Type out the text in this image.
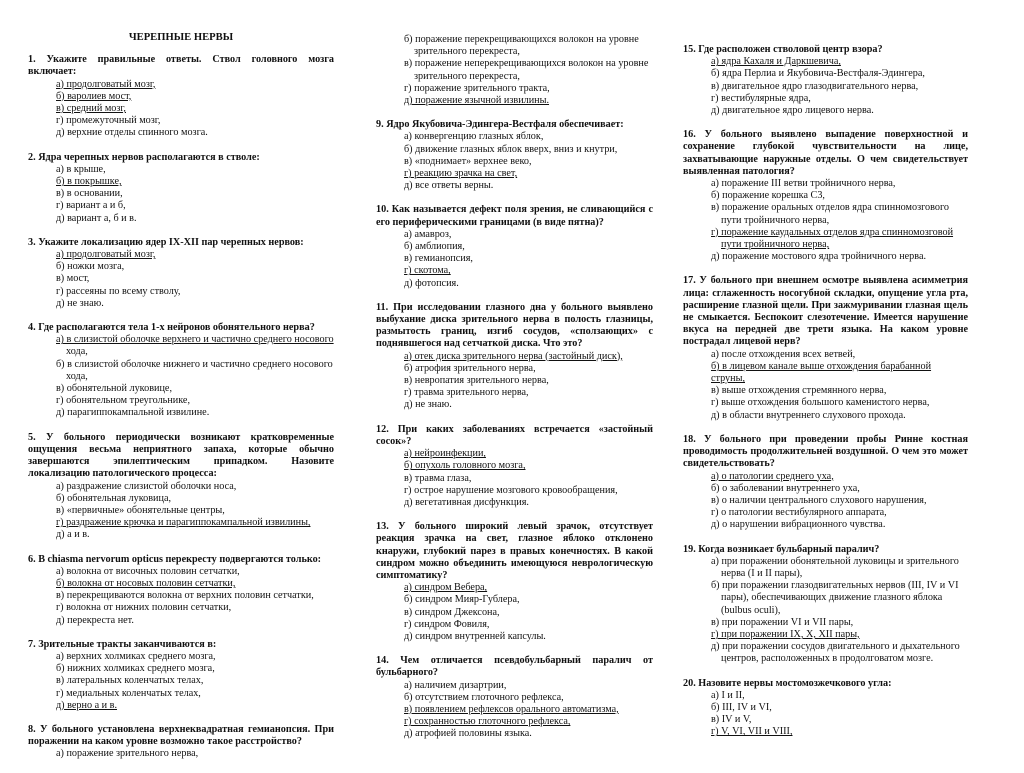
ЧЕРЕПНЫЕ НЕРВЫ
1. Укажите правильные ответы. Ствол головного мозга включает:
а) продолговатый мозг,
б) варолиев мост,
в) средний мозг,
г) промежуточный мозг,
д) верхние отделы спинного мозга.
2. Ядра черепных нервов располагаются в стволе:
а) в крыше,
б) в покрышке,
в) в основании,
г) вариант а и б,
д) вариант а, б и в.
3. Укажите локализацию ядер IX-XII пар черепных нервов:
а) продолговатый мозг,
б) ножки мозга,
в) мост,
г) рассеяны по всему стволу,
д) не знаю.
4. Где располагаются тела 1-х нейронов обонятельного нерва?
а) в слизистой оболочке верхнего и частично среднего носового
хода,
б) в слизистой оболочке нижнего и частично среднего носового
хода,
в) обонятельной луковице,
г) обонятельном треугольнике,
д) парагиппокампальной извилине.
5. У больного периодически возникают кратковременные ощущения весьма неприятного запаха, которые обычно завершаются эпилептическим припадком. Назовите локализацию патологического процесса:
а) раздражение слизистой оболочки носа,
б) обонятельная луковица,
в) «первичные» обонятельные центры,
г) раздражение крючка и парагиппокампальной извилины,
д) а и в.
6. В chiasma nervorum opticus перекресту подвергаются только:
а) волокна от височных половин сетчатки,
б) волокна от носовых половин сетчатки,
в) перекрещиваются волокна от верхних половин сетчатки,
г) волокна от нижних половин сетчатки,
д) перекреста нет.
7. Зрительные тракты заканчиваются в:
а) верхних холмиках среднего мозга,
б) нижних холмиках среднего мозга,
в) латеральных коленчатых телах,
г) медиальных коленчатых телах,
д) верно а и в.
8. У больного установлена верхнеквадратная гемианопсия. При поражении на каком уровне возможно такое расстройство?
а) поражение зрительного нерва,
б) поражение перекрещивающихся волокон на уровне
зрительного перекреста,
в) поражение неперекрещивающихся волокон на уровне
зрительного перекреста,
г) поражение зрительного тракта,
д) поражение язычной извилины.
9. Ядро Якубовича-Эдингера-Вестфаля обеспечивает:
а) конвергенцию глазных яблок,
б) движение глазных яблок вверх, вниз и кнутри,
в) «поднимает» верхнее веко,
г) реакцию зрачка на свет,
д) все ответы верны.
10. Как называется дефект поля зрения, не сливающийся с его периферическими границами (в виде пятна)?
а) амавроз,
б) амблиопия,
в) гемианопсия,
г) скотома,
д) фотопсия.
11. При исследовании глазного дна у больного выявлено выбухание диска зрительного нерва в полость глазницы, размытость границ, изгиб сосудов, «сползающих» с поднявшегося над сетчаткой диска. Что это?
а) отек диска зрительного нерва (застойный диск),
б) атрофия зрительного нерва,
в) невропатия зрительного нерва,
г) травма зрительного нерва,
д) не знаю.
12. При каких заболеваниях встречается «застойный сосок»?
а) нейроинфекции,
б) опухоль головного мозга,
в) травма глаза,
г) острое нарушение мозгового кровообращения,
д) вегетативная дисфункция.
13. У больного широкий левый зрачок, отсутствует реакция зрачка на свет, глазное яблоко отклонено кнаружи, глубокий парез в правых конечностях. В какой синдром можно объединить имеющуюся неврологическую симптоматику?
а) синдром Вебера,
б) синдром Мияр-Гублера,
в) синдром Джексона,
г) синдром Фовиля,
д) синдром внутренней капсулы.
14. Чем отличается псевдобульбарный паралич от бульбарного?
а) наличием дизартрии,
б) отсутствием глоточного рефлекса,
в) появлением рефлексов орального автоматизма,
г) сохранностью глоточного рефлекса,
д) атрофией половины языка.
15. Где расположен стволовой центр взора?
а) ядра Кахаля и Даркшевича,
б) ядра Перлиа и Якубовича-Вестфаля-Эдингера,
в) двигательное ядро глазодвигательного нерва,
г) вестибулярные ядра,
д) двигательное ядро лицевого нерва.
16. У больного выявлено выпадение поверхностной и сохранение глубокой чувствительности на лице, захватывающие наружные отделы. О чем свидетельствует выявленная патология?
а) поражение III ветви тройничного нерва,
б) поражение корешка С3,
в) поражение оральных отделов ядра спинномозгового
пути тройничного нерва,
г) поражение каудальных отделов ядра спинномозговой
пути тройничного нерва,
д) поражение мостового ядра тройничного нерва.
17. У больного при внешнем осмотре выявлена асимметрия лица: сглаженность носогубной складки, опущение угла рта, расширение глазной щели. При зажмуривании глазная щель не смыкается. Беспокоит слезотечение. Имеется нарушение вкуса на передней две трети языка. На каком уровне пострадал лицевой нерв?
а) после отхождения всех ветвей,
б) в лицевом канале выше отхождения барабанной
струны,
в) выше отхождения стремянного нерва,
г) выше отхождения большого каменистого нерва,
д) в области внутреннего слухового прохода.
18. У больного при проведении пробы Ринне костная проводимость продолжительней воздушной. О чем это может свидетельствовать?
а) о патологии среднего уха,
б) о заболевании внутреннего уха,
в) о наличии центрального слухового нарушения,
г) о патологии вестибулярного аппарата,
д) о нарушении вибрационного чувства.
19. Когда возникает бульбарный паралич?
а) при поражении обонятельной луковицы и зрительного
нерва (I и II пары),
б) при поражении глазодвигательных нервов (III, IV и VI
пары), обеспечивающих движение глазного яблока
(bulbus oculi),
в) при поражении VI и VII пары,
г) при поражении IX, X, XII пары,
д) при поражении сосудов двигательного и дыхательного
центров, расположенных в продолговатом мозге.
20. Назовите нервы мостомозжечкового угла:
а) I и II,
б) III, IV и VI,
в) IV и V,
г) V, VI, VII и VIII,
